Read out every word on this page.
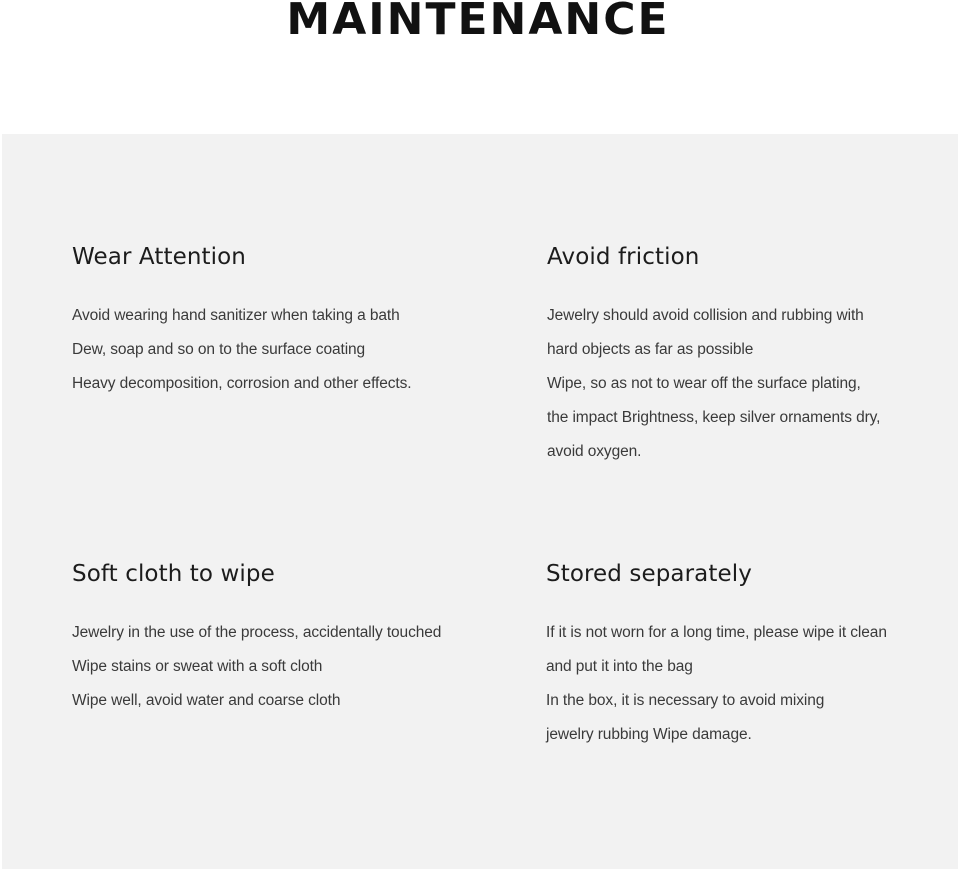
MAINTENANCE
Wear Attention
Avoid wearing hand sanitizer when taking a bath
Dew, soap and so on to the surface coating
Heavy decomposition, corrosion and other effects.
Avoid friction
Jewelry should avoid collision and rubbing with
hard objects as far as possible
Wipe, so as not to wear off the surface plating,
the impact Brightness, keep silver ornaments dry,
avoid oxygen.
Soft cloth to wipe
Jewelry in the use of the process, accidentally touched
Wipe stains or sweat with a soft cloth
Wipe well, avoid water and coarse cloth
Stored separately
If it is not worn for a long time, please wipe it clean
and put it into the bag
In the box, it is necessary to avoid mixing
jewelry rubbing Wipe damage.
